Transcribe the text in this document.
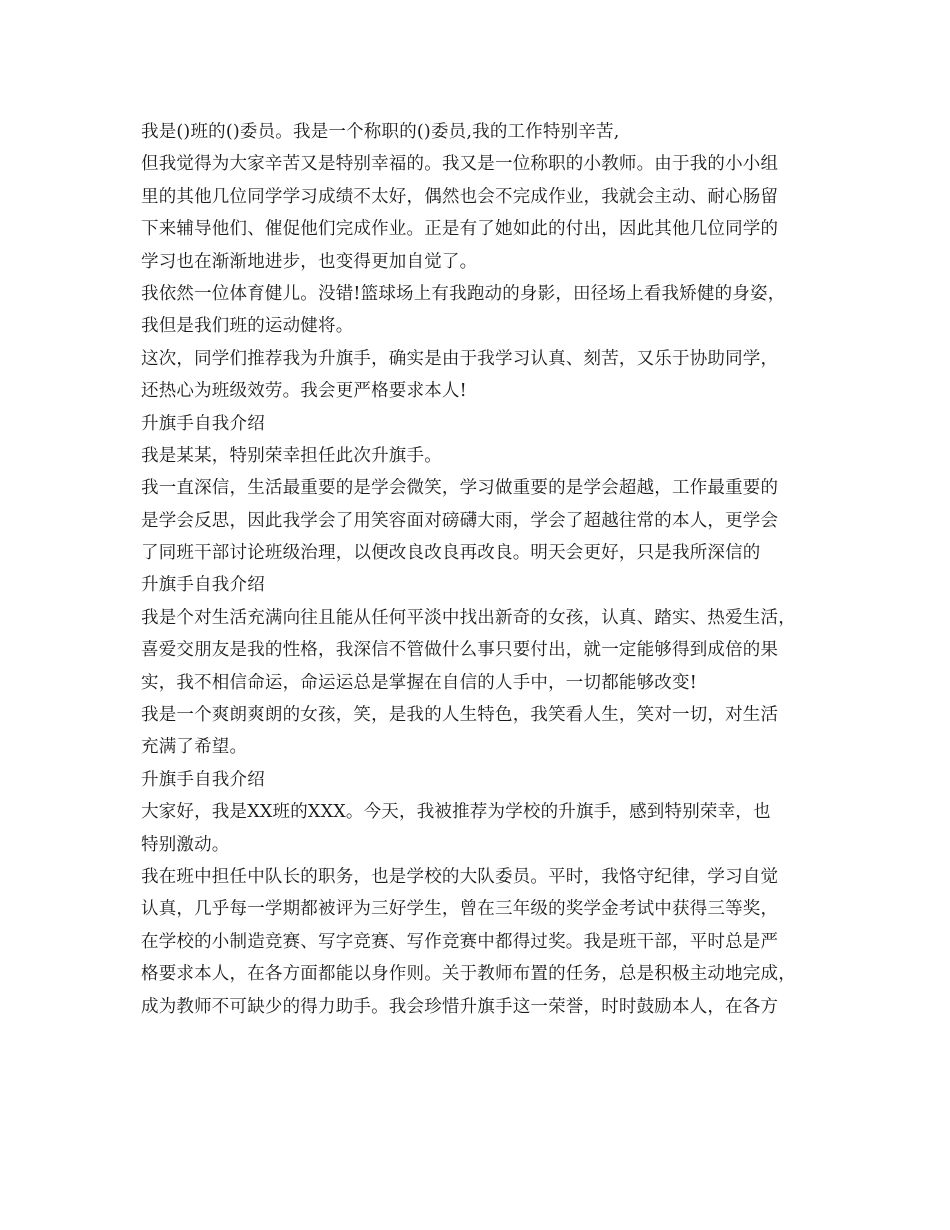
我是()班的()委员。我是一个称职的()委员,我的工作特别辛苦,
但我觉得为大家辛苦又是特别幸福的。我又是一位称职的小教师。由于我的小小组
里的其他几位同学学习成绩不太好，偶然也会不完成作业，我就会主动、耐心肠留
下来辅导他们、催促他们完成作业。正是有了她如此的付出，因此其他几位同学的
学习也在渐渐地进步，也变得更加自觉了。
我依然一位体育健儿。没错!篮球场上有我跑动的身影，田径场上看我矫健的身姿，
我但是我们班的运动健将。
这次，同学们推荐我为升旗手，确实是由于我学习认真、刻苦，又乐于协助同学，
还热心为班级效劳。我会更严格要求本人!
升旗手自我介绍
我是某某，特别荣幸担任此次升旗手。
我一直深信，生活最重要的是学会微笑，学习做重要的是学会超越，工作最重要的
是学会反思，因此我学会了用笑容面对磅礴大雨，学会了超越往常的本人，更学会
了同班干部讨论班级治理，以便改良改良再改良。明天会更好，只是我所深信的
升旗手自我介绍
我是个对生活充满向往且能从任何平淡中找出新奇的女孩，认真、踏实、热爱生活，
喜爱交朋友是我的性格，我深信不管做什么事只要付出，就一定能够得到成倍的果
实，我不相信命运，命运运总是掌握在自信的人手中，一切都能够改变!
我是一个爽朗爽朗的女孩，笑，是我的人生特色，我笑看人生，笑对一切，对生活
充满了希望。
升旗手自我介绍
大家好，我是XX班的XXX。今天，我被推荐为学校的升旗手，感到特别荣幸，也
特别激动。
我在班中担任中队长的职务，也是学校的大队委员。平时，我恪守纪律，学习自觉
认真，几乎每一学期都被评为三好学生，曾在三年级的奖学金考试中获得三等奖，
在学校的小制造竞赛、写字竞赛、写作竞赛中都得过奖。我是班干部，平时总是严
格要求本人，在各方面都能以身作则。关于教师布置的任务，总是积极主动地完成，
成为教师不可缺少的得力助手。我会珍惜升旗手这一荣誉，时时鼓励本人，在各方
